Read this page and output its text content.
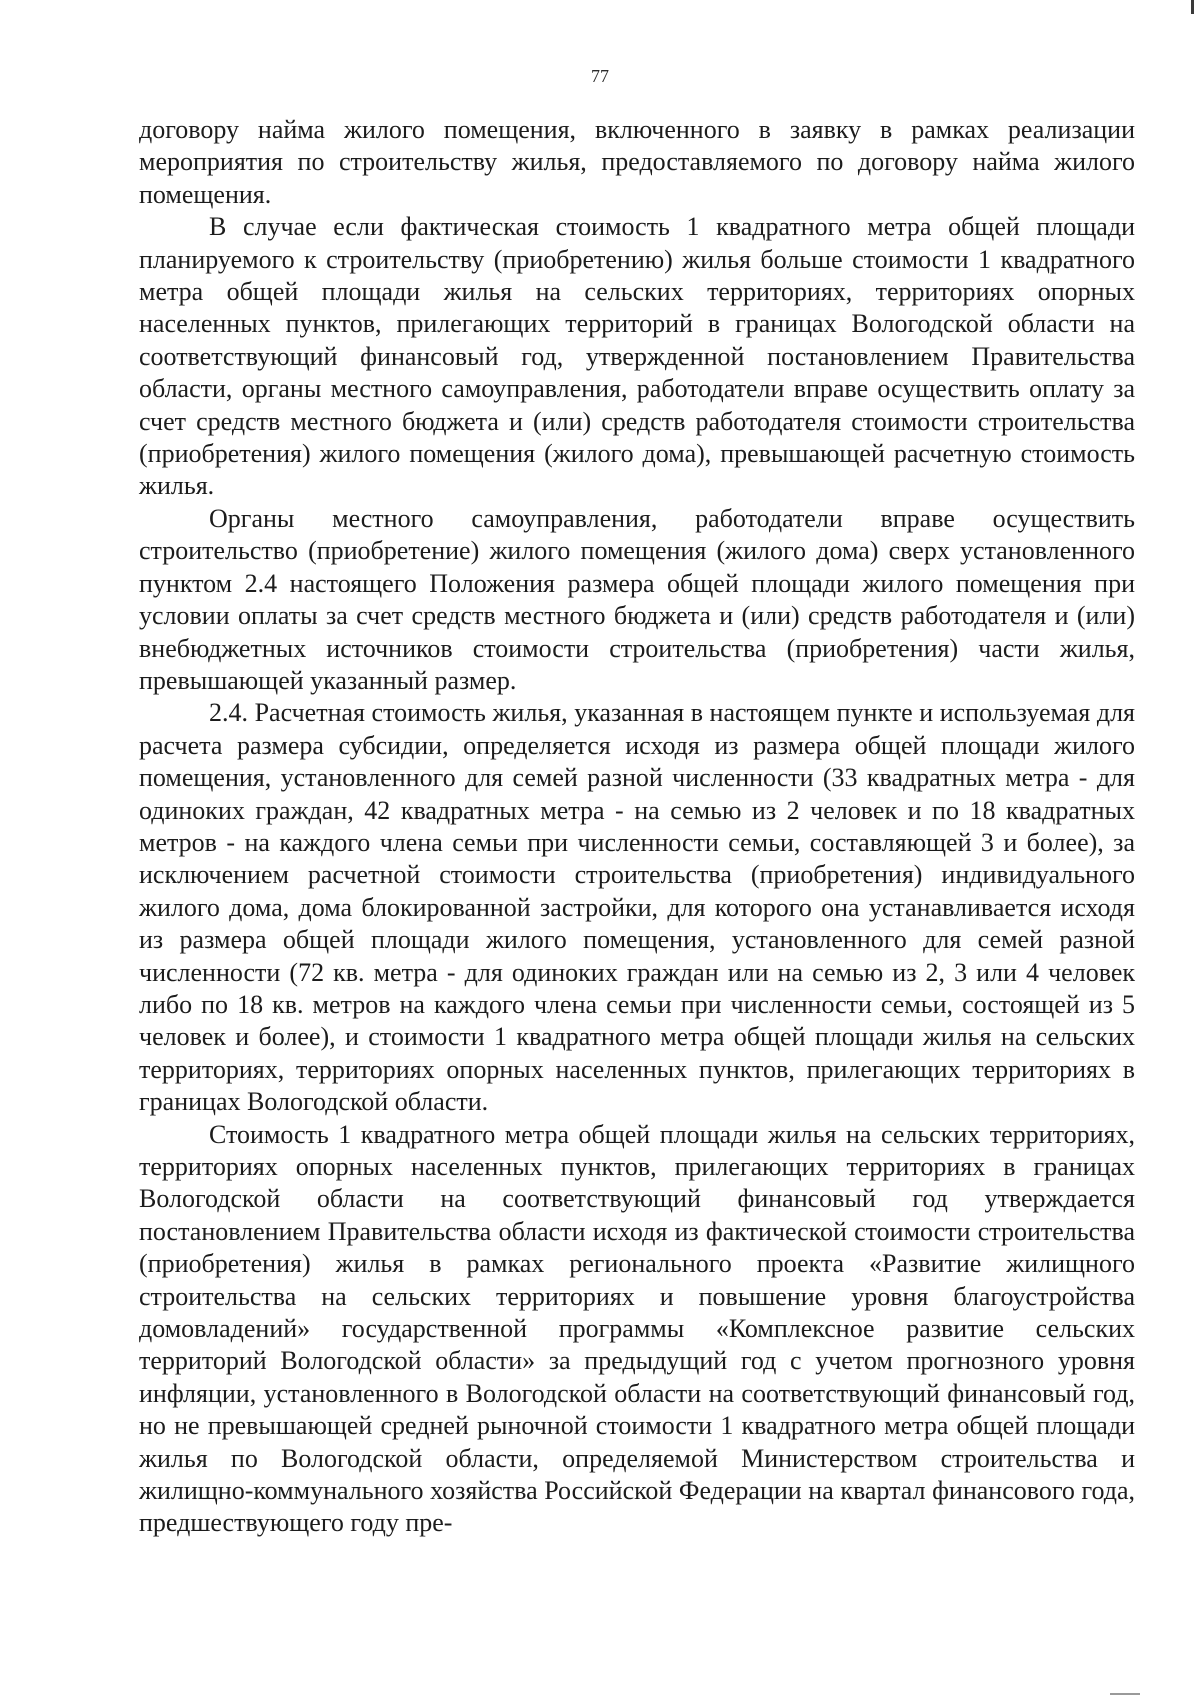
77

договору найма жилого помещения, включенного в заявку в рамках реализации мероприятия по строительству жилья, предоставляемого по договору найма жилого помещения.

В случае если фактическая стоимость 1 квадратного метра общей площади планируемого к строительству (приобретению) жилья больше стоимости 1 квадратного метра общей площади жилья на сельских территориях, территориях опорных населенных пунктов, прилегающих территорий в границах Вологодской области на соответствующий финансовый год, утвержденной постановлением Правительства области, органы местного самоуправления, работодатели вправе осуществить оплату за счет средств местного бюджета и (или) средств работодателя стоимости строительства (приобретения) жилого помещения (жилого дома), превышающей расчетную стоимость жилья.

Органы местного самоуправления, работодатели вправе осуществить строительство (приобретение) жилого помещения (жилого дома) сверх установленного пунктом 2.4 настоящего Положения размера общей площади жилого помещения при условии оплаты за счет средств местного бюджета и (или) средств работодателя и (или) внебюджетных источников стоимости строительства (приобретения) части жилья, превышающей указанный размер.

2.4. Расчетная стоимость жилья, указанная в настоящем пункте и используемая для расчета размера субсидии, определяется исходя из размера общей площади жилого помещения, установленного для семей разной численности (33 квадратных метра - для одиноких граждан, 42 квадратных метра - на семью из 2 человек и по 18 квадратных метров - на каждого члена семьи при численности семьи, составляющей 3 и более), за исключением расчетной стоимости строительства (приобретения) индивидуального жилого дома, дома блокированной застройки, для которого она устанавливается исходя из размера общей площади жилого помещения, установленного для семей разной численности (72 кв. метра - для одиноких граждан или на семью из 2, 3 или 4 человек либо по 18 кв. метров на каждого члена семьи при численности семьи, состоящей из 5 человек и более), и стоимости 1 квадратного метра общей площади жилья на сельских территориях, территориях опорных населенных пунктов, прилегающих территориях в границах Вологодской области.

Стоимость 1 квадратного метра общей площади жилья на сельских территориях, территориях опорных населенных пунктов, прилегающих территориях в границах Вологодской области на соответствующий финансовый год утверждается постановлением Правительства области исходя из фактической стоимости строительства (приобретения) жилья в рамках регионального проекта «Развитие жилищного строительства на сельских территориях и повышение уровня благоустройства домовладений» государственной программы «Комплексное развитие сельских территорий Вологодской области» за предыдущий год с учетом прогнозного уровня инфляции, установленного в Вологодской области на соответствующий финансовый год, но не превышающей средней рыночной стоимости 1 квадратного метра общей площади жилья по Вологодской области, определяемой Министерством строительства и жилищно-коммунального хозяйства Российской Федерации на квартал финансового года, предшествующего году пре-
